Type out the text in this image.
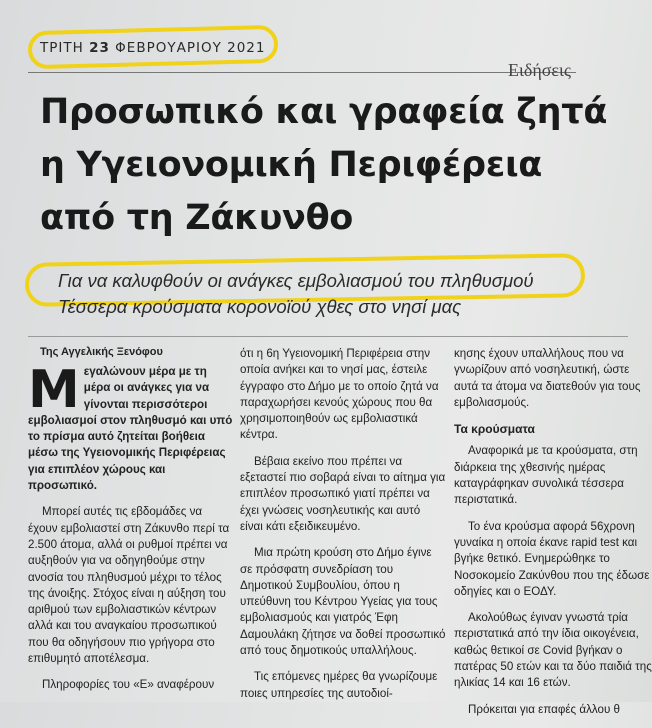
ΤΡΙΤΗ 23 ΦΕΒΡΟΥΑΡΙΟΥ 2021
Ειδήσεις
Προσωπικό και γραφεία ζητά
η Υγειονομική Περιφέρεια
από τη Ζάκυνθο
Για να καλυφθούν οι ανάγκες εμβολιασμού του πληθυσμού
Τέσσερα κρούσματα κορονοϊού χθες στο νησί μας
Της Αγγελικής Ξενόφου

Μ εγαλώνουν μέρα με τη μέρα οι ανάγκες για να γίνονται περισσότεροι εμβολιασμοί στον πληθυσμό και υπό το πρίσμα αυτό ζητείται βοήθεια μέσω της Υγειονομικής Περιφέρειας για επιπλέον χώρους και προσωπικό.

Μπορεί αυτές τις εβδομάδες να έχουν εμβολιαστεί στη Ζάκυνθο περί τα 2.500 άτομα, αλλά οι ρυθμοί πρέπει να αυξηθούν για να οδηγηθούμε στην ανοσία του πληθυσμού μέχρι το τέλος της άνοιξης. Στόχος είναι η αύξηση του αριθμού των εμβολιαστικών κέντρων αλλά και του αναγκαίου προσωπικού που θα οδηγήσουν πιο γρήγορα στο επιθυμητό αποτέλεσμα.

Πληροφορίες του «Ε» αναφέρουν

ότι η 6η Υγειονομική Περιφέρεια στην οποία ανήκει και το νησί μας, έστειλε έγγραφο στο Δήμο με το οποίο ζητά να παραχωρήσει κενούς χώρους που θα χρησιμοποιηθούν ως εμβολιαστικά κέντρα.

Βέβαια εκείνο που πρέπει να εξεταστεί πιο σοβαρά είναι το αίτημα για επιπλέον προσωπικό γιατί πρέπει να έχει γνώσεις νοσηλευτικής και αυτό είναι κάτι εξειδικευμένο.

Μια πρώτη κρούση στο Δήμο έγινε σε πρόσφατη συνεδρίαση του Δημοτικού Συμβουλίου, όπου η υπεύθυνη του Κέντρου Υγείας για τους εμβολιασμούς και γιατρός Έφη Δαμουλάκη ζήτησε να δοθεί προσωπικό από τους δημοτικούς υπαλλήλους.

Τις επόμενες ημέρες θα γνωρίζουμε ποιες υπηρεσίες της αυτοδιοί-

κησης έχουν υπαλλήλους που να γνωρίζουν από νοσηλευτική, ώστε αυτά τα άτομα να διατεθούν για τους εμβολιασμούς.

Τα κρούσματα

Αναφορικά με τα κρούσματα, στη διάρκεια της χθεσινής ημέρας καταγράφηκαν συνολικά τέσσερα περιστατικά.

Το ένα κρούσμα αφορά 56χρονη γυναίκα η οποία έκανε rapid test και βγήκε θετικό. Ενημερώθηκε το Νοσοκομείο Ζακύνθου που της έδωσε οδηγίες και ο ΕΟΔΥ.

Ακολούθως έγιναν γνωστά τρία περιστατικά από την ίδια οικογένεια, καθώς θετικοί σε Covid βγήκαν ο πατέρας 50 ετών και τα δύο παιδιά της ηλικίας 14 και 16 ετών.

Πρόκειται για επαφές άλλου θ
